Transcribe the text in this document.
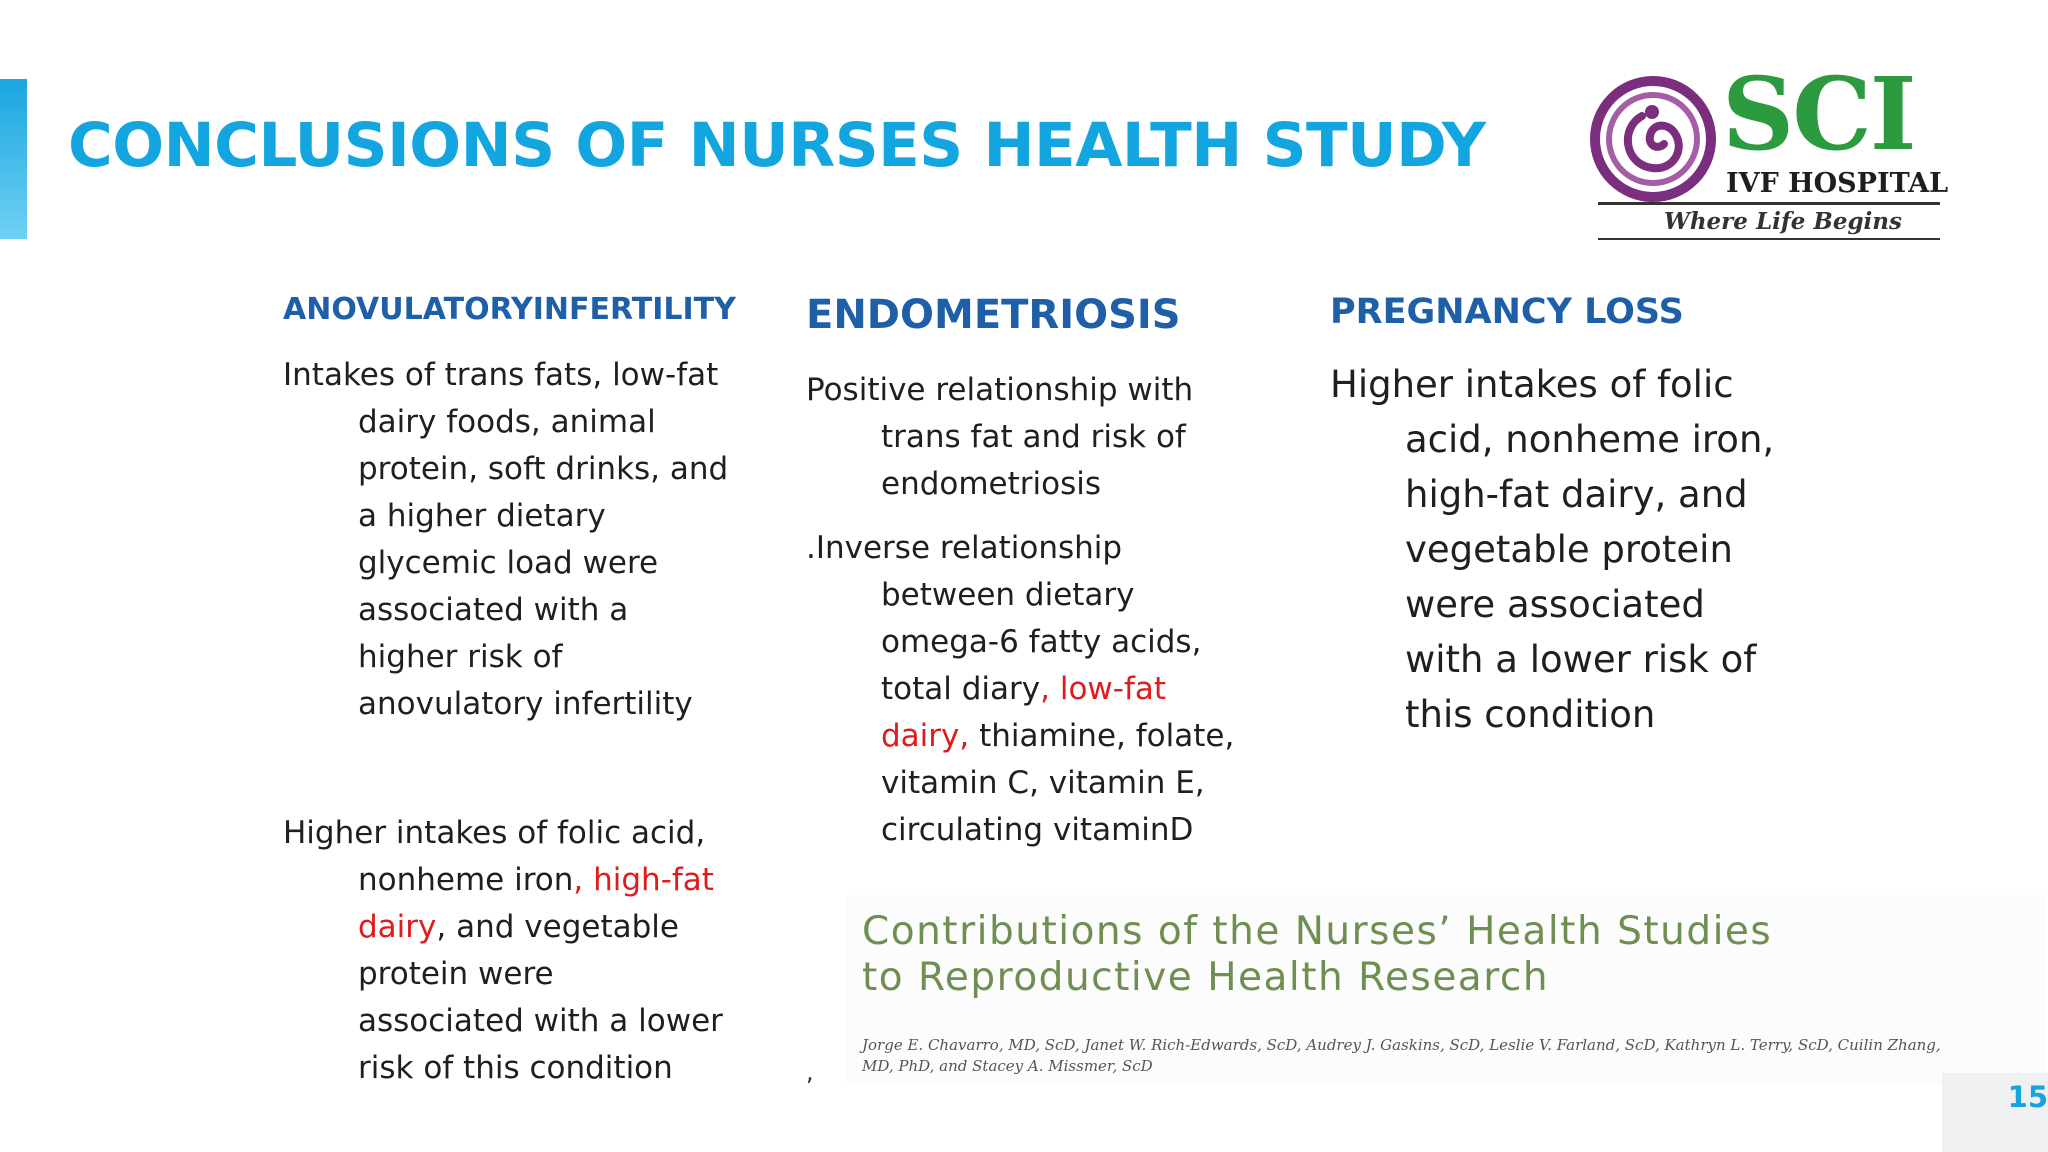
CONCLUSIONS OF NURSES HEALTH STUDY SCI
IVF HOSPITAL
Where Life Begins
ANOVULATORYINFERTILITY
Intakes of trans fats, low-fat
dairy foods, animal
protein, soft drinks, and
a higher dietary
glycemic load were
associated with a
higher risk of
anovulatory infertility
Higher intakes of folic acid,
nonheme iron, high-fat
dairy, and vegetable
protein were
associated with a lower
risk of this condition
ENDOMETRIOSIS
Positive relationship with
trans fat and risk of
endometriosis
.Inverse relationship
between dietary
omega-6 fatty acids,
total diary, low-fat
dairy, thiamine, folate,
vitamin C, vitamin E,
circulating vitaminD
PREGNANCY LOSS
Higher intakes of folic
acid, nonheme iron,
high-fat dairy, and
vegetable protein
were associated
with a lower risk of
this condition
,
Contributions of the Nurses’ Health Studies
to Reproductive Health Research
Jorge E. Chavarro, MD, ScD, Janet W. Rich-Edwards, ScD, Audrey J. Gaskins, ScD, Leslie V. Farland, ScD, Kathryn L. Terry, ScD, Cuilin Zhang,
MD, PhD, and Stacey A. Missmer, ScD
15
